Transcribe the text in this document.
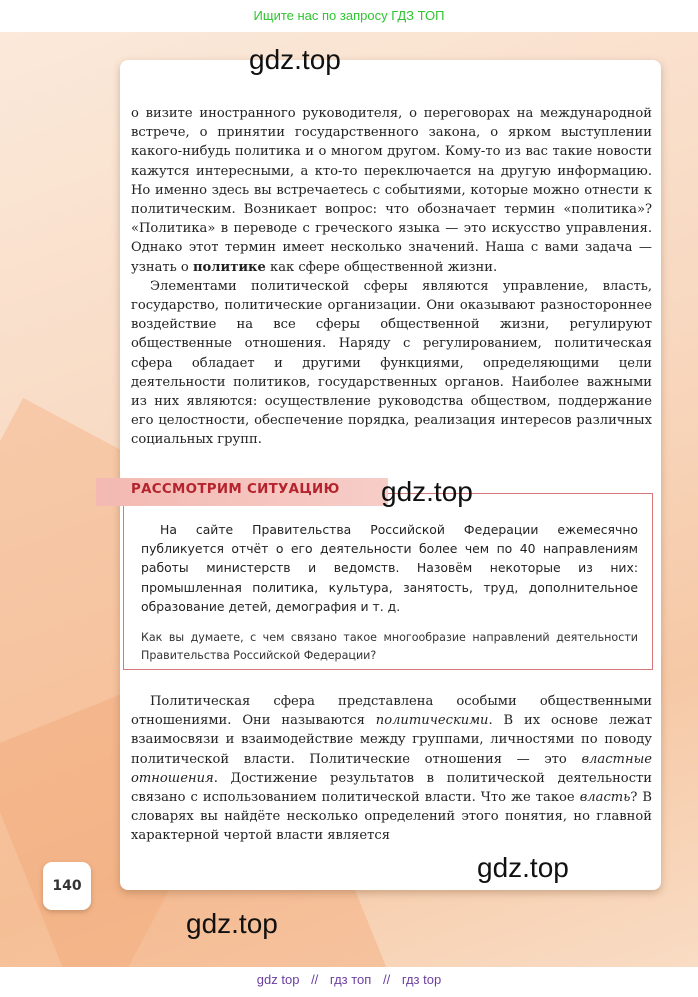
Ищите нас по запросу ГДЗ ТОП

о визите иностранного руководителя, о переговорах на международной встрече, о принятии государственного закона, о ярком выступлении какого-нибудь политика и о многом другом. Кому-то из вас такие новости кажутся интересными, а кто-то переключается на другую информацию. Но именно здесь вы встречаетесь с событиями, которые можно отнести к политическим. Возникает вопрос: что обозначает термин «политика»? «Политика» в переводе с греческого языка — это искусство управления. Однако этот термин имеет несколько значений. Наша с вами задача — узнать о политике как сфере общественной жизни.

Элементами политической сферы являются управление, власть, государство, политические организации. Они оказывают разностороннее воздействие на все сферы общественной жизни, регулируют общественные отношения. Наряду с регулированием, политическая сфера обладает и другими функциями, определяющими цели деятельности политиков, государственных органов. Наиболее важными из них являются: осуществление руководства обществом, поддержание его целостности, обеспечение порядка, реализация интересов различных социальных групп.

РАССМОТРИМ СИТУАЦИЮ

На сайте Правительства Российской Федерации ежемесячно публикуется отчёт о его деятельности более чем по 40 направлениям работы министерств и ведомств. Назовём некоторые из них: промышленная политика, культура, занятость, труд, дополнительное образование детей, демография и т. д.

Как вы думаете, с чем связано такое многообразие направлений деятельности Правительства Российской Федерации?

Политическая сфера представлена особыми общественными отношениями. Они называются политическими. В их основе лежат взаимосвязи и взаимодействие между группами, личностями по поводу политической власти. Политические отношения — это властные отношения. Достижение результатов в политической деятельности связано с использованием политической власти. Что же такое власть? В словарях вы найдёте несколько определений этого понятия, но главной характерной чертой власти является

gdz.top
gdz.top
gdz.top
gdz.top
140
gdz top // гдз топ // гдз top
